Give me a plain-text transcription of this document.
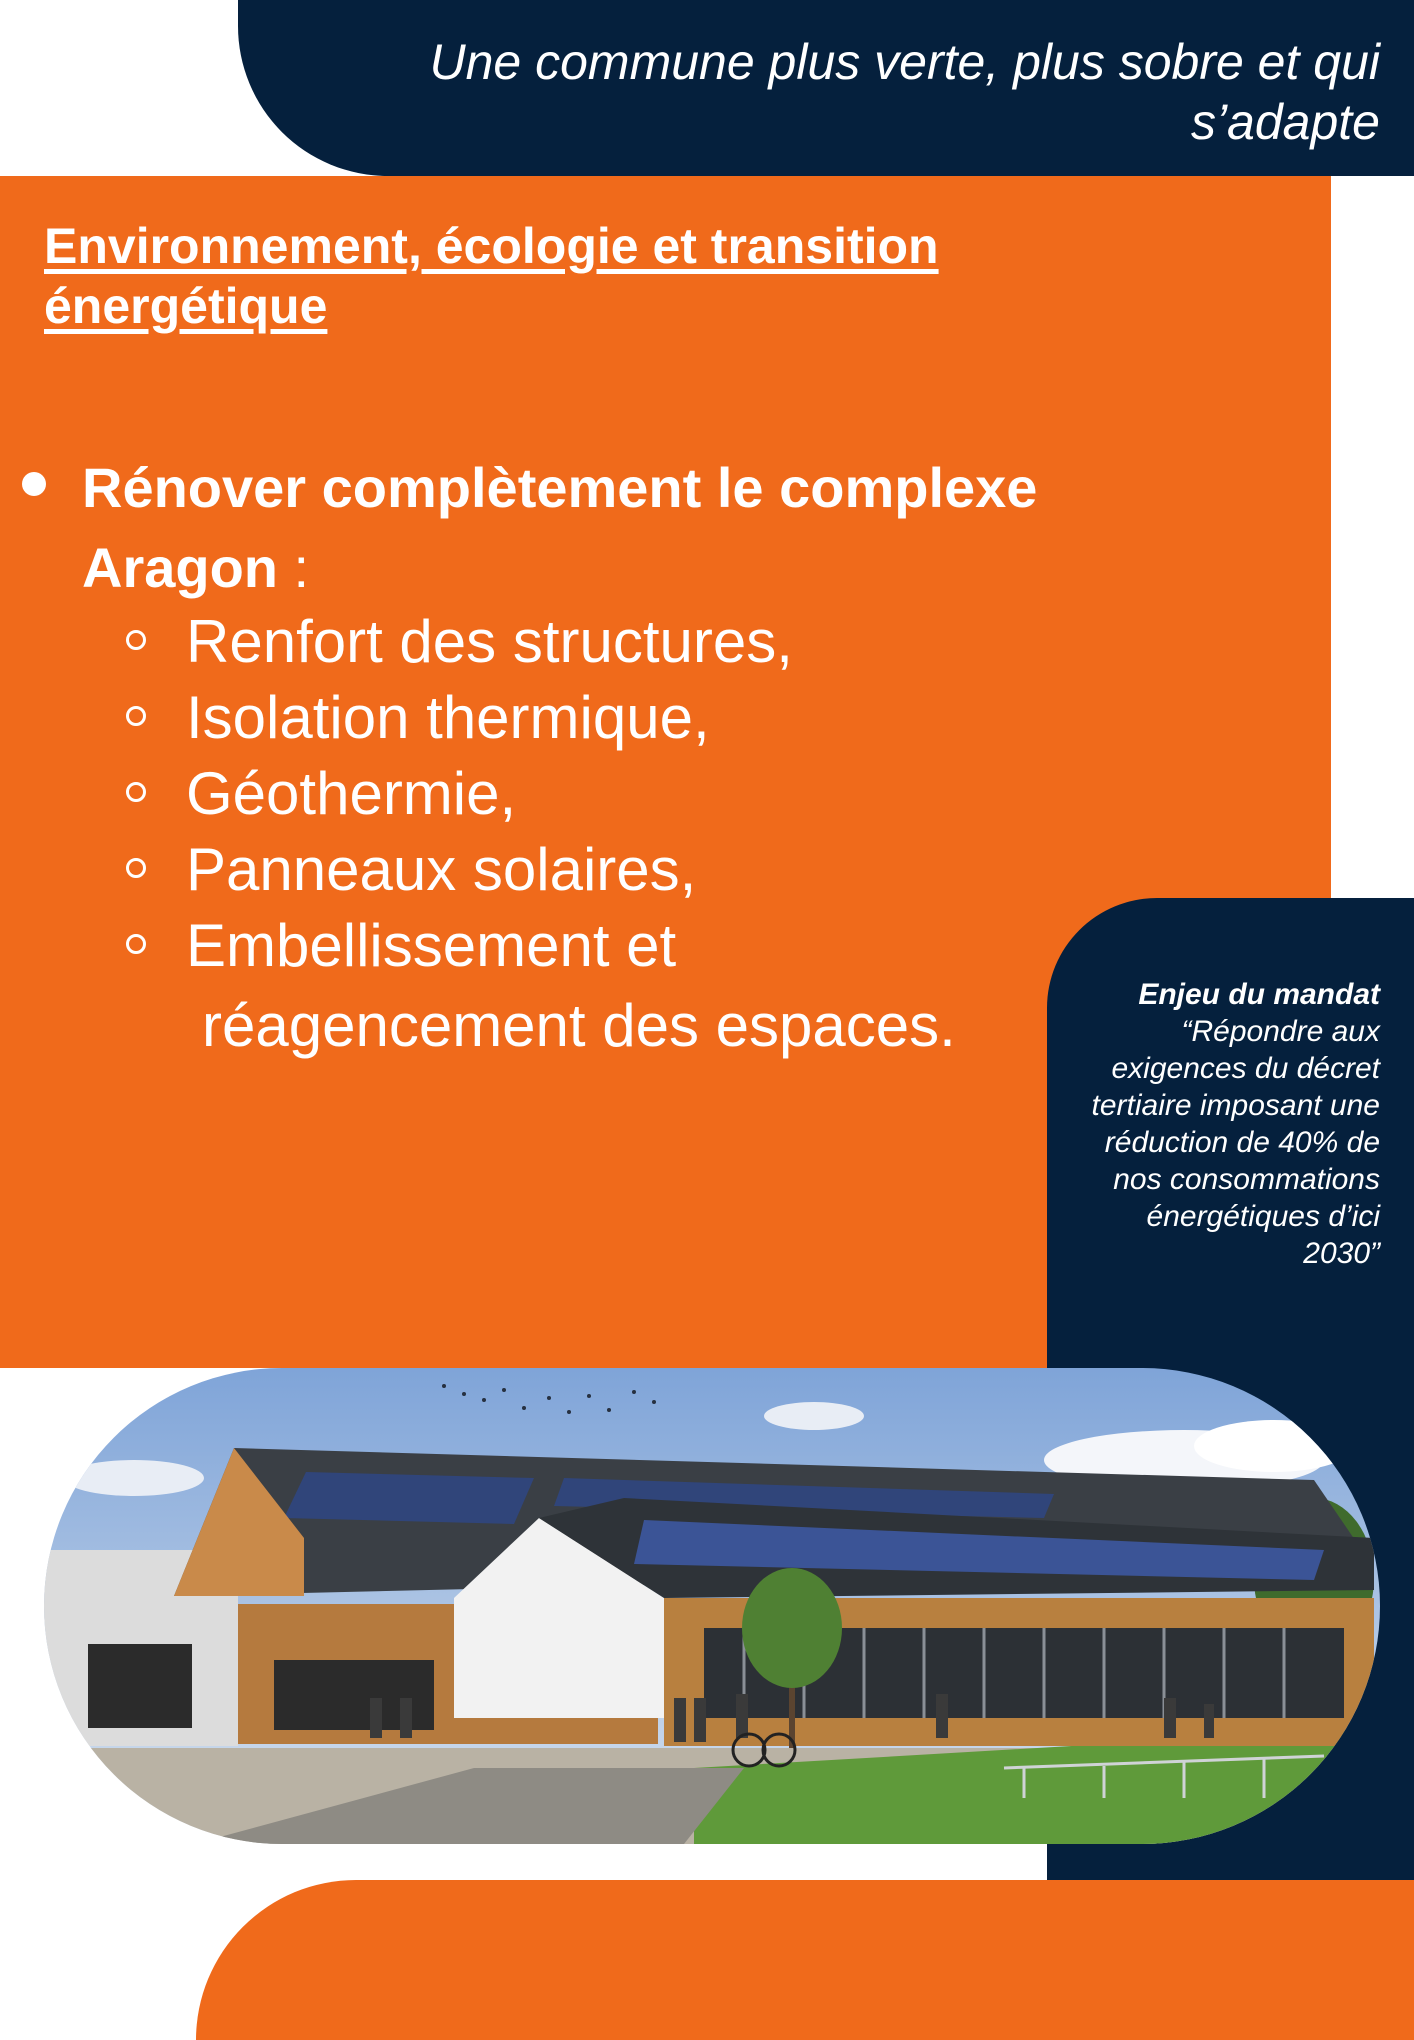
Une commune plus verte, plus sobre et qui s’adapte
Environnement, écologie et transition énergétique
Rénover complètement le complexe Aragon :
Renfort des structures,
Isolation thermique,
Géothermie,
Panneaux solaires,
Embellissement et
réagencement des espaces.	Enjeu du mandat
“Répondre aux exigences du décret tertiaire imposant une réduction de 40% de nos consommations énergétiques d’ici 2030”
